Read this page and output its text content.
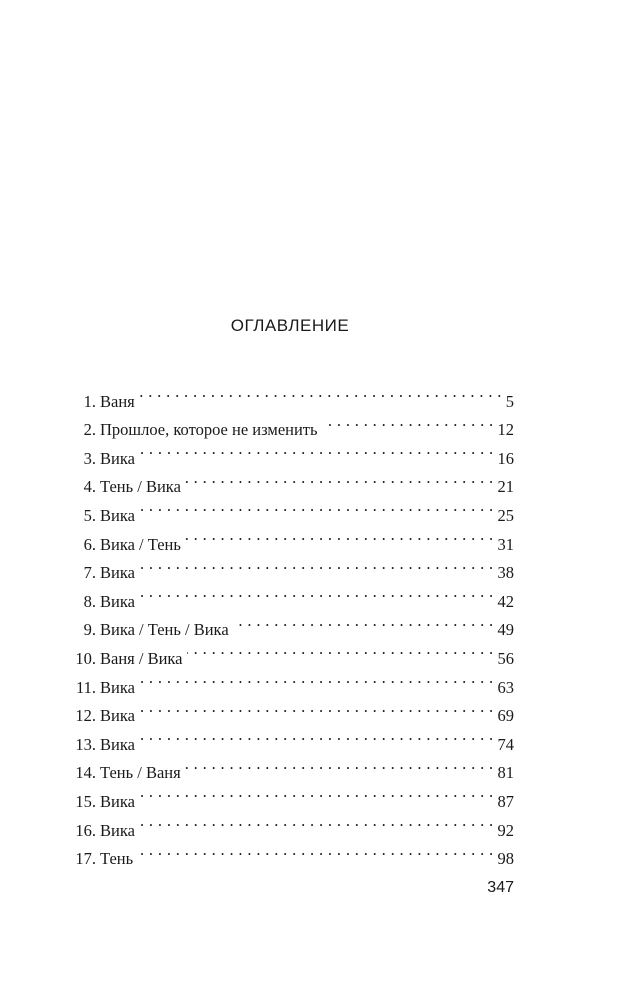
ОГЛАВЛЕНИЕ
1. Ваня . . .	5
2. Прошлое, которое не изменить . . .	12
3. Вика . . .	16
4. Тень / Вика . . .	21
5. Вика . . .	25
6. Вика / Тень . . .	31
7. Вика . . .	38
8. Вика . . .	42
9. Вика / Тень / Вика . . .	49
10. Ваня / Вика . . .	56
11. Вика . . .	63
12. Вика . . .	69
13. Вика . . .	74
14. Тень / Ваня . . .	81
15. Вика . . .	87
16. Вика . . .	92
17. Тень . . .	98
347
